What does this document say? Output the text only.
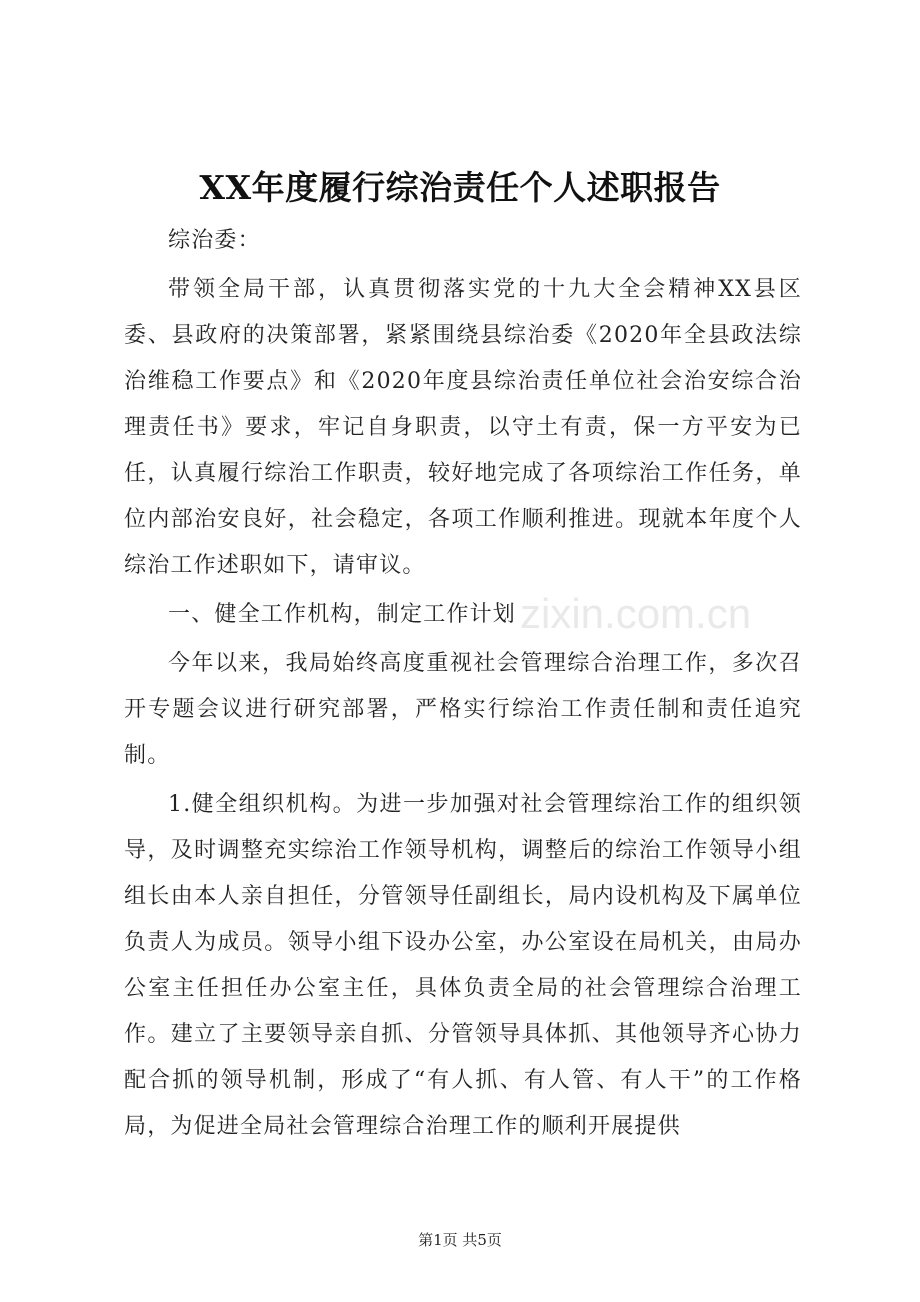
XX年度履行综治责任个人述职报告

综治委：

带领全局干部，认真贯彻落实党的十九大全会精神XX县区委、县政府的决策部署，紧紧围绕县综治委《2020年全县政法综治维稳工作要点》和《2020年度县综治责任单位社会治安综合治理责任书》要求，牢记自身职责，以守土有责，保一方平安为已任，认真履行综治工作职责，较好地完成了各项综治工作任务，单位内部治安良好，社会稳定，各项工作顺利推进。现就本年度个人综治工作述职如下，请审议。

一、健全工作机构，制定工作计划

今年以来，我局始终高度重视社会管理综合治理工作，多次召开专题会议进行研究部署，严格实行综治工作责任制和责任追究制。

1.健全组织机构。为进一步加强对社会管理综治工作的组织领导，及时调整充实综治工作领导机构，调整后的综治工作领导小组组长由本人亲自担任，分管领导任副组长，局内设机构及下属单位负责人为成员。领导小组下设办公室，办公室设在局机关，由局办公室主任担任办公室主任，具体负责全局的社会管理综合治理工作。建立了主要领导亲自抓、分管领导具体抓、其他领导齐心协力配合抓的领导机制，形成了“有人抓、有人管、有人干”的工作格局，为促进全局社会管理综合治理工作的顺利开展提供

zixin.com.cn
第1页 共5页
